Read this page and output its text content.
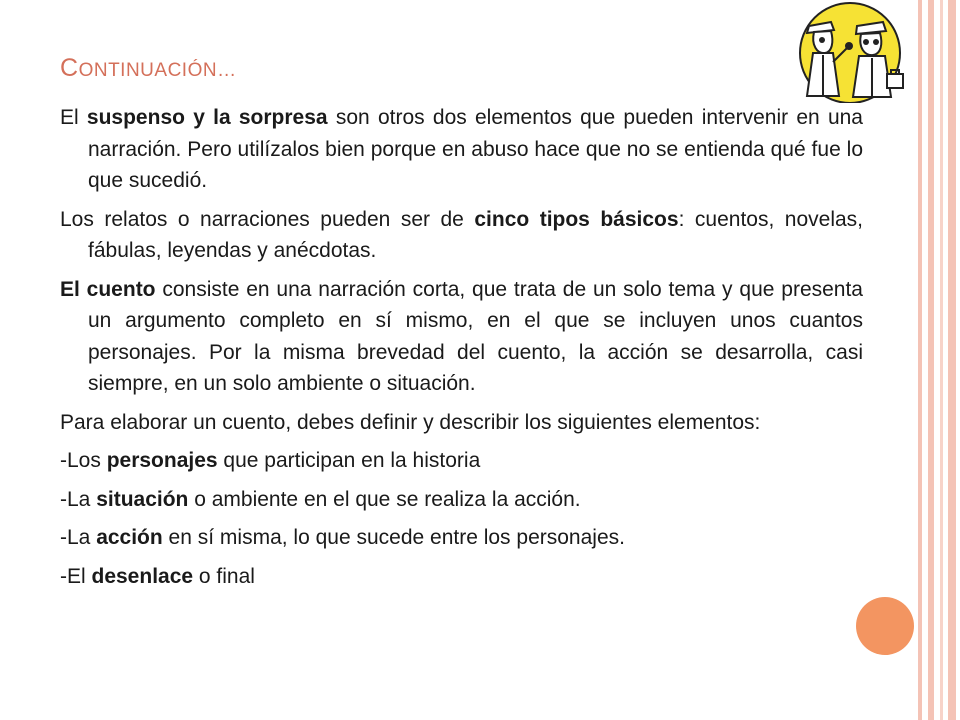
CONTINUACIÓN…

El suspenso y la sorpresa son otros dos elementos que pueden intervenir en una narración. Pero utilízalos bien porque en abuso hace que no se entienda qué fue lo que sucedió.

Los relatos o narraciones pueden ser de cinco tipos básicos: cuentos, novelas, fábulas, leyendas y anécdotas.

El cuento consiste en una narración corta, que trata de un solo tema y que presenta un argumento completo en sí mismo, en el que se incluyen unos cuantos personajes. Por la misma brevedad del cuento, la acción se desarrolla, casi siempre, en un solo ambiente o situación.

Para elaborar un cuento, debes definir y describir los siguientes elementos:

-Los personajes que participan en la historia

-La situación o ambiente en el que se realiza la acción.

-La acción en sí misma, lo que sucede entre los personajes.

-El desenlace o final
